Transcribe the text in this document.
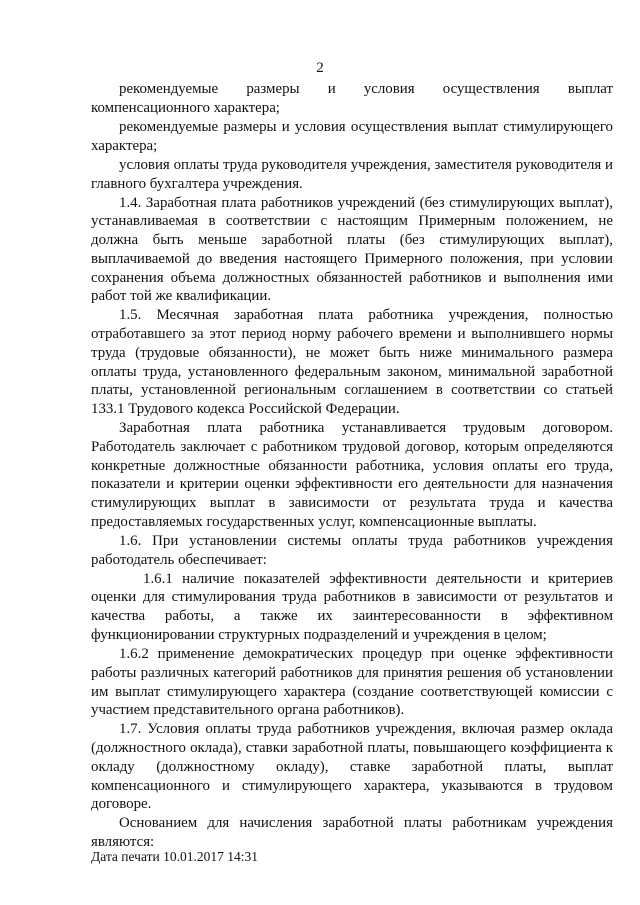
2

рекомендуемые размеры и условия осуществления выплат компенсационного характера;

рекомендуемые размеры и условия осуществления выплат стимулирующего характера;

условия оплаты труда руководителя учреждения, заместителя руководителя и главного бухгалтера учреждения.

1.4. Заработная плата работников учреждений (без стимулирующих выплат), устанавливаемая в соответствии с настоящим Примерным положением, не должна быть меньше заработной платы (без стимулирующих выплат), выплачиваемой до введения настоящего Примерного положения, при условии сохранения объема должностных обязанностей работников и выполнения ими работ той же квалификации.

1.5. Месячная заработная плата работника учреждения, полностью отработавшего за этот период норму рабочего времени и выполнившего нормы труда (трудовые обязанности), не может быть ниже минимального размера оплаты труда, установленного федеральным законом, минимальной заработной платы, установленной региональным соглашением в соответствии со статьей 133.1 Трудового кодекса Российской Федерации.

Заработная плата работника устанавливается трудовым договором. Работодатель заключает с работником трудовой договор, которым определяются конкретные должностные обязанности работника, условия оплаты его труда, показатели и критерии оценки эффективности его деятельности для назначения стимулирующих выплат в зависимости от результата труда и качества предоставляемых государственных услуг, компенсационные выплаты.

1.6. При установлении системы оплаты труда работников учреждения работодатель обеспечивает:

1.6.1 наличие показателей эффективности деятельности и критериев оценки для стимулирования труда работников в зависимости от результатов и качества работы, а также их заинтересованности в эффективном функционировании структурных подразделений и учреждения в целом;

1.6.2 применение демократических процедур при оценке эффективности работы различных категорий работников для принятия решения об установлении им выплат стимулирующего характера (создание соответствующей комиссии с участием представительного органа работников).

1.7. Условия оплаты труда работников учреждения, включая размер оклада (должностного оклада), ставки заработной платы, повышающего коэффициента к окладу (должностному окладу), ставке заработной платы, выплат компенсационного и стимулирующего характера, указываются в трудовом договоре.

Основанием для начисления заработной платы работникам учреждения являются:

Дата печати 10.01.2017 14:31
